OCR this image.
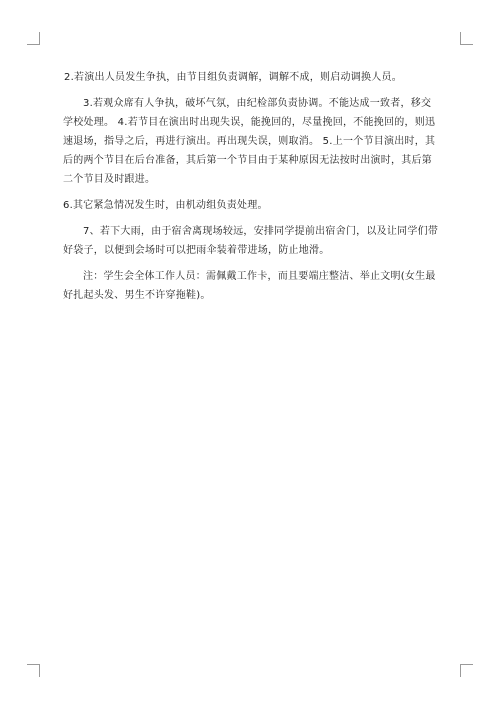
2.若演出人员发生争执，由节目组负责调解，调解不成，则启动调换人员。

3.若观众席有人争执，破坏气氛，由纪检部负责协调。不能达成一致者，移交学校处理。 4.若节目在演出时出现失误，能挽回的，尽量挽回，不能挽回的，则迅速退场，指导之后，再进行演出。再出现失误，则取消。 5.上一个节目演出时，其后的两个节目在后台准备，其后第一个节目由于某种原因无法按时出演时，其后第二个节目及时跟进。

6.其它紧急情况发生时，由机动组负责处理。

7、若下大雨，由于宿舍离现场较远，安排同学提前出宿舍门，以及让同学们带好袋子，以便到会场时可以把雨伞装着带进场，防止地滑。

注：学生会全体工作人员：需佩戴工作卡，而且要端庄整洁、举止文明(女生最好扎起头发、男生不许穿拖鞋)。
